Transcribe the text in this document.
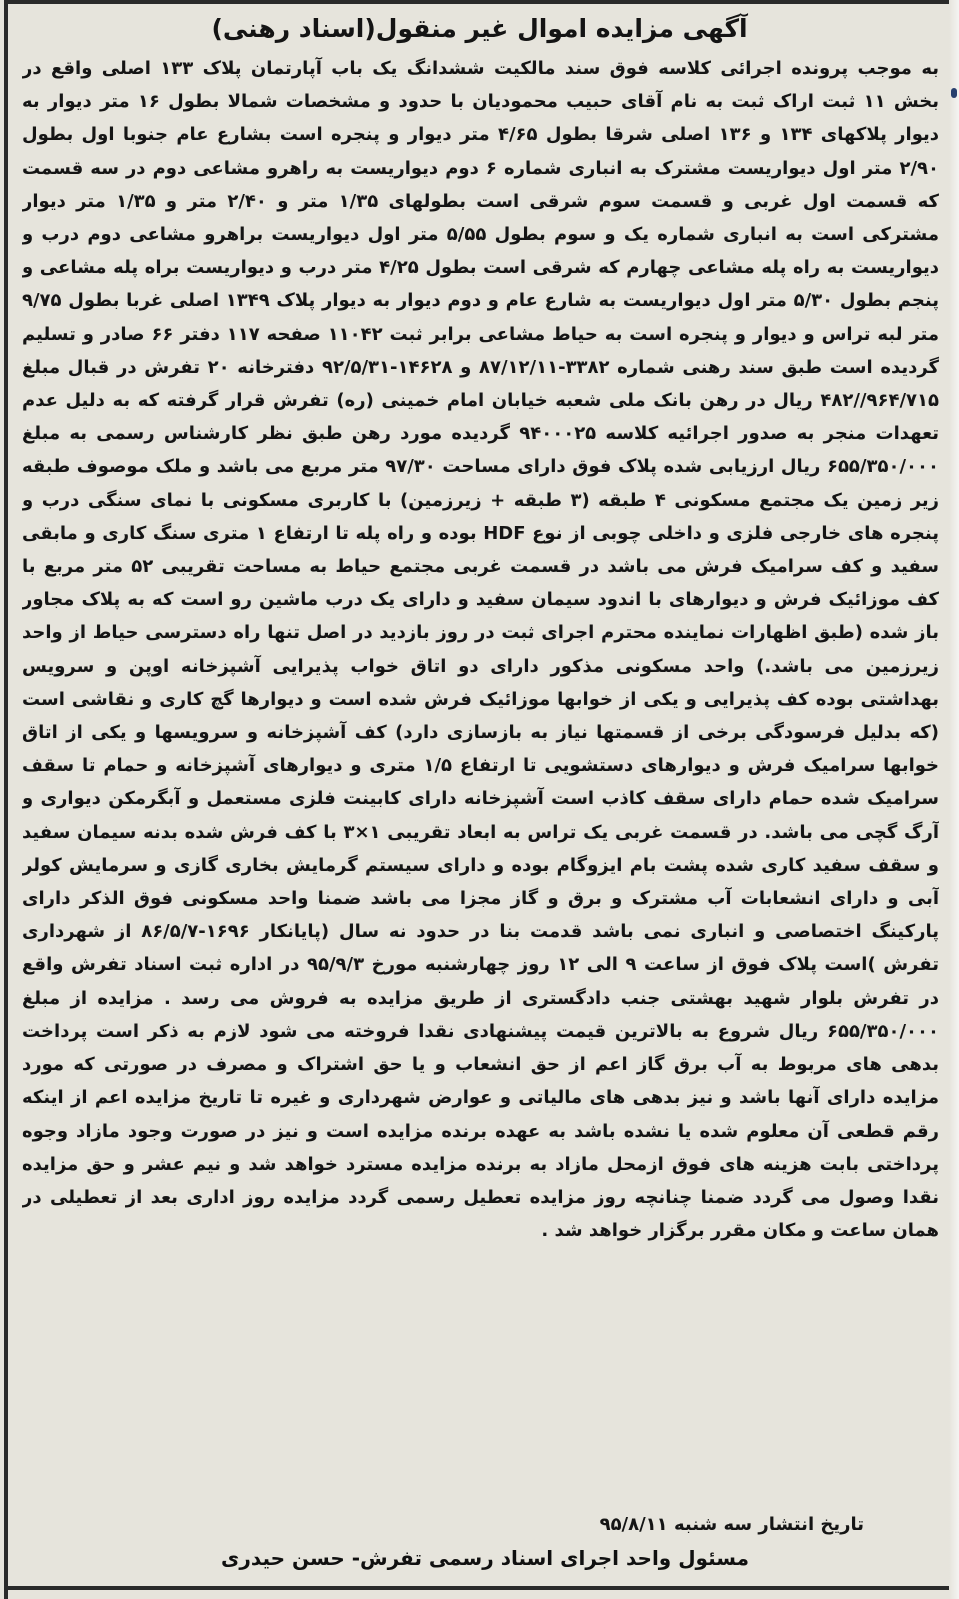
آگهی مزایده اموال غیر منقول(اسناد رهنی)
به موجب پرونده اجرائی کلاسه فوق سند مالکیت ششدانگ یک باب آپارتمان پلاک ۱۳۳ اصلی واقع در بخش ۱۱ ثبت اراک ثبت به نام آقای حبیب محمودیان با حدود و مشخصات شمالا بطول ۱۶ متر دیوار به دیوار پلاکهای ۱۳۴ و ۱۳۶ اصلی شرقا بطول ۴/۶۵ متر دیوار و پنجره است بشارع عام جنوبا اول بطول ۲/۹۰ متر اول دیواریست مشترک به انباری شماره ۶ دوم دیواریست به راهرو مشاعی دوم در سه قسمت که قسمت اول غربی و قسمت سوم شرقی است بطولهای ۱/۳۵ متر و ۲/۴۰ متر و ۱/۳۵ متر دیوار مشترکی است به انباری شماره یک و سوم بطول ۵/۵۵ متر اول دیواریست براهرو مشاعی دوم درب و دیواریست به راه پله مشاعی چهارم که شرقی است بطول ۴/۲۵ متر درب و دیواریست براه پله مشاعی و پنجم بطول ۵/۳۰ متر اول دیواریست به شارع عام و دوم دیوار به دیوار پلاک ۱۳۴۹ اصلی غربا بطول ۹/۷۵ متر لبه تراس و دیوار و پنجره است به حیاط مشاعی برابر ثبت ۱۱۰۴۲ صفحه ۱۱۷ دفتر ۶۶ صادر و تسلیم گردیده است طبق سند رهنی شماره ۳۳۸۲-۸۷/۱۲/۱۱ و ۱۴۶۲۸-۹۲/۵/۳۱ دفترخانه ۲۰ تفرش در قبال مبلغ ۹۶۴/۷۱۵//۴۸۲ ریال در رهن بانک ملی شعبه خیابان امام خمینی (ره) تفرش قرار گرفته که به دلیل عدم تعهدات منجر به صدور اجرائیه کلاسه ۹۴۰۰۰۲۵ گردیده مورد رهن طبق نظر کارشناس رسمی به مبلغ ۶۵۵/۳۵۰/۰۰۰ ریال ارزیابی شده پلاک فوق دارای مساحت ۹۷/۳۰ متر مربع می باشد و ملک موصوف طبقه زیر زمین یک مجتمع مسکونی ۴ طبقه (۳ طبقه + زیرزمین) با کاربری مسکونی با نمای سنگی درب و پنجره های خارجی فلزی و داخلی چوبی از نوع HDF بوده و راه پله تا ارتفاع ۱ متری سنگ کاری و مابقی سفید و کف سرامیک فرش می باشد در قسمت غربی مجتمع حیاط به مساحت تقریبی ۵۲ متر مربع با کف موزائیک فرش و دیوارهای با اندود سیمان سفید و دارای یک درب ماشین رو است که به پلاک مجاور باز شده (طبق اظهارات نماینده محترم اجرای ثبت در روز بازدید در اصل تنها راه دسترسی حیاط از واحد زیرزمین می باشد.) واحد مسکونی مذکور دارای دو اتاق خواب پذیرایی آشپزخانه اوپن و سرویس بهداشتی بوده کف پذیرایی و یکی از خوابها موزائیک فرش شده است و دیوارها گچ کاری و نقاشی است (که بدلیل فرسودگی برخی از قسمتها نیاز به بازسازی دارد) کف آشپزخانه و سرویسها و یکی از اتاق خوابها سرامیک فرش و دیوارهای دستشویی تا ارتفاع ۱/۵ متری و دیوارهای آشپزخانه و حمام تا سقف سرامیک شده حمام دارای سقف کاذب است آشپزخانه دارای کابینت فلزی مستعمل و آبگرمکن دیواری و آرگ گچی می باشد. در قسمت غربی یک تراس به ابعاد تقریبی ۱×۳ با کف فرش شده بدنه سیمان سفید و سقف سفید کاری شده پشت بام ایزوگام بوده و دارای سیستم گرمایش بخاری گازی و سرمایش کولر آبی و دارای انشعابات آب مشترک و برق و گاز مجزا می باشد ضمنا واحد مسکونی فوق الذکر دارای پارکینگ اختصاصی و انباری نمی باشد قدمت بنا در حدود نه سال (پایانکار ۱۶۹۶-۸۶/۵/۷ از شهرداری تفرش )است پلاک فوق از ساعت ۹ الی ۱۲ روز چهارشنبه مورخ ۹۵/۹/۳ در اداره ثبت اسناد تفرش واقع در تفرش بلوار شهید بهشتی جنب دادگستری از طریق مزایده به فروش می رسد . مزایده از مبلغ ۶۵۵/۳۵۰/۰۰۰ ریال شروع به بالاترین قیمت پیشنهادی نقدا فروخته می شود لازم به ذکر است پرداخت بدهی های مربوط به آب برق گاز اعم از حق انشعاب و یا حق اشتراک و مصرف در صورتی که مورد مزایده دارای آنها باشد و نیز بدهی های مالیاتی و عوارض شهرداری و غیره تا تاریخ مزایده اعم از اینکه رقم قطعی آن معلوم شده یا نشده باشد به عهده برنده مزایده است و نیز در صورت وجود مازاد وجوه پرداختی بابت هزینه های فوق ازمحل مازاد به برنده مزایده مسترد خواهد شد و نیم عشر و حق مزایده نقدا وصول می گردد ضمنا چنانچه روز مزایده تعطیل رسمی گردد مزایده روز اداری بعد از تعطیلی در همان ساعت و مکان مقرر برگزار خواهد شد .
تاریخ انتشار سه شنبه ۹۵/۸/۱۱
مسئول واحد اجرای اسناد رسمی تفرش- حسن حیدری
